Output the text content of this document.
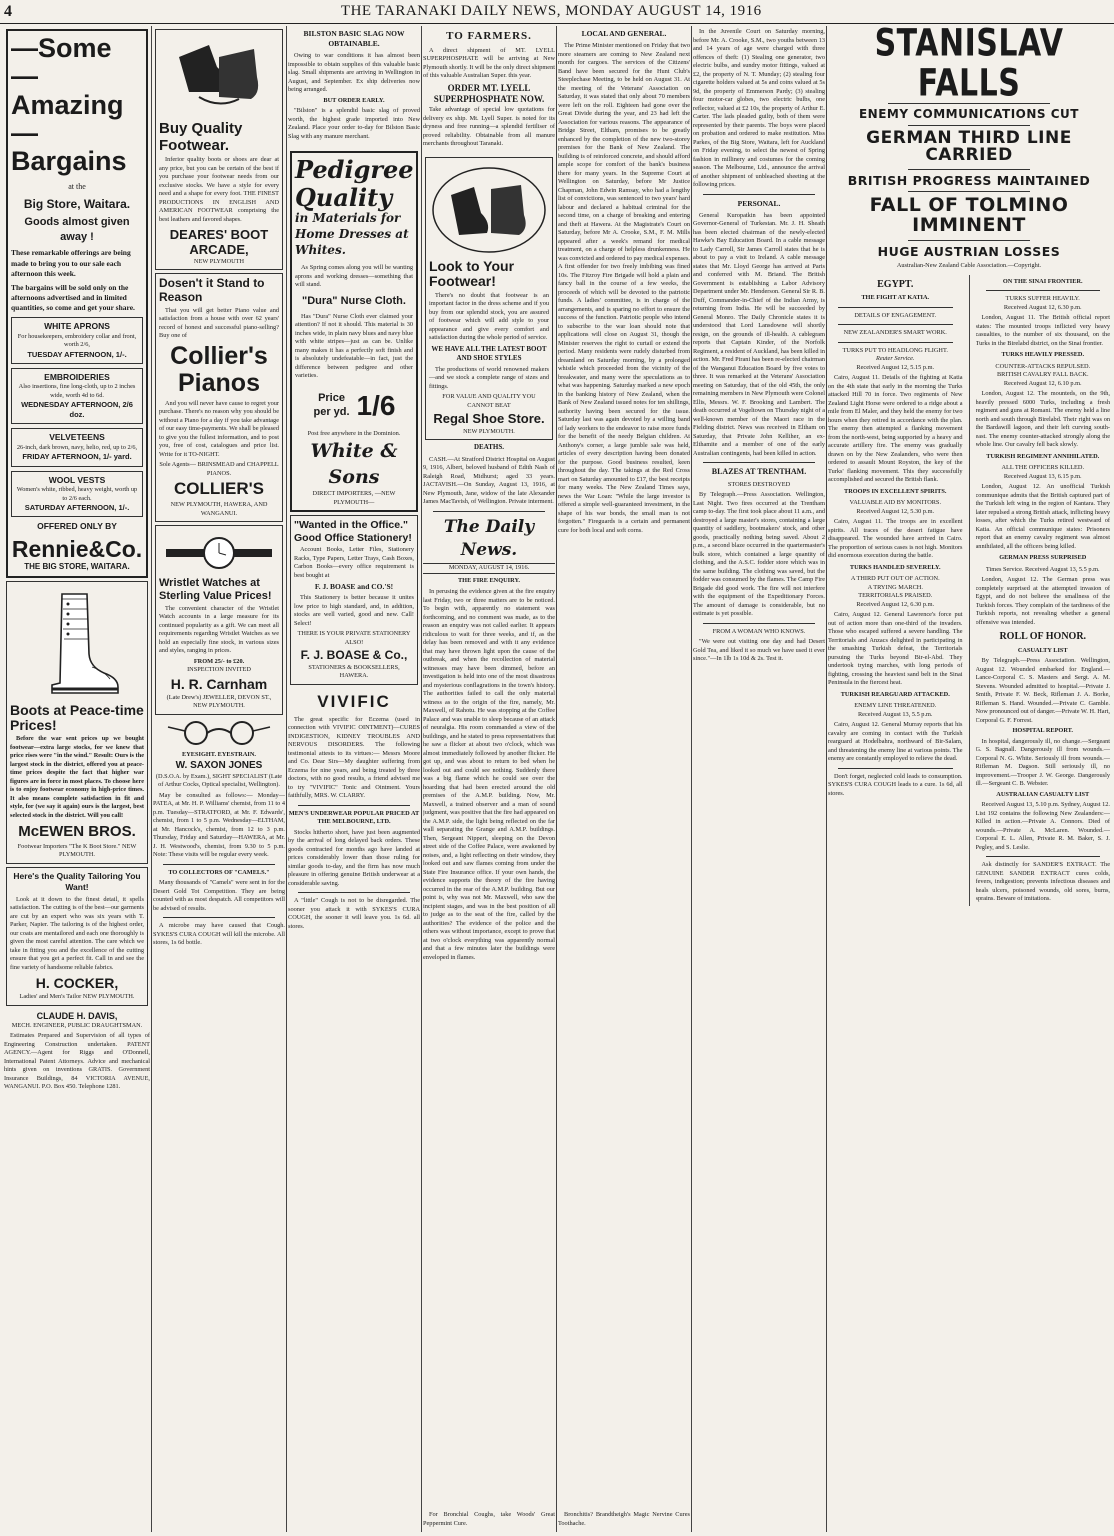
4	THE TARANAKI DAILY NEWS, MONDAY AUGUST 14, 1916
—Some
—Amazing
—Bargains
at the
Big Store, Waitara.
Goods almost given away !
These remarkable offerings are being made to bring you to our sale each afternoon this week.
The bargains will be sold only on the afternoons advertised and in limited quantities, so come and get your share.
WHITE APRONS
For housekeepers, embroidery collar and front, worth 2/6,
TUESDAY AFTERNOON, 1/-.
EMBROIDERIES
Also insertions, fine long-cloth, up to 2 inches wide, worth 4d to 6d.
WEDNESDAY AFTERNOON, 2/6 doz.
VELVETEENS
26-inch, dark brown, navy, helio, red, up to 2/6,
FRIDAY AFTERNOON, 1/- yard.
WOOL VESTS
Women's white, ribbed, heavy weight, worth up to 2/6 each.
SATURDAY AFTERNOON, 1/-.
OFFERED ONLY BY
Rennie&Co.
THE BIG STORE, WAITARA.
Boots at Peace-time Prices!
Before the war sent prices up we bought footwear—extra large stocks, for we knew that price rises were "in the wind." Result: Ours is the largest stock in the district, offered you at peace-time prices despite the fact that higher war figures are in force in most places. To choose here is to enjoy footwear economy in high-price times. It also means complete satisfaction in fit and style, for (we say it again) ours is the largest, best selected stock in the district. Will you call!
McEWEN BROS.
Footwear Importers "The K Boot Store." NEW PLYMOUTH.
Here's the Quality Tailoring You Want!
Look at it down to the finest detail, it spells satisfaction. The cutting is of the best—our garments are cut by an expert who was six years with T. Parker, Napier. The tailoring is of the highest order, our coats are mentailored and each one thoroughly is given the most careful attention. The care which we take in fitting you and the excellence of the cutting ensure that you get a perfect fit. Call in and see the fine variety of handsome reliable fabrics.
H. COCKER,
Ladies' and Men's Tailor NEW PLYMOUTH.
CLAUDE H. DAVIS,
MECH. ENGINEER, PUBLIC DRAUGHTSMAN.
Estimates Prepared and Supervision of all types of Engineering Construction undertaken. PATENT AGENCY.—Agent for Riggs and O'Donnell, International Patent Attorneys. Advice and mechanical hints given on inventions GRATIS. Government Insurance Buildings, 84 VICTORIA AVENUE, WANGANUI. P.O. Box 450. Telephone 1281.
Buy Quality Footwear.
Inferior quality boots or shoes are dear at any price, but you can be certain of the best if you purchase your footwear needs from our exclusive stocks. We have a style for every need and a shape for every foot. THE FINEST PRODUCTIONS IN ENGLISH AND AMERICAN FOOTWEAR comprising the best leathers and favored shapes.
DEARES' BOOT ARCADE,
NEW PLYMOUTH
Dosen't it Stand to Reason
That you will get better Piano value and satisfaction from a house with over 62 years' record of honest and successful piano-selling? Buy one of
Collier's Pianos
And you will never have cause to regret your purchase. There's no reason why you should be without a Piano for a day if you take advantage of our easy time-payments. We shall be pleased to give you the fullest information, and to post you, free of cost, catalogues and price list. Write for it TO-NIGHT.
Sole Agents— BRINSMEAD and CHAPPELL PIANOS.
COLLIER'S
NEW PLYMOUTH, HAWERA, AND WANGANUI.
Wristlet Watches at Sterling Value Prices!
The convenient character of the Wristlet Watch accounts in a large measure for its continued popularity as a gift. We can meet all requirements regarding Wristlet Watches as we hold an especially fine stock, in various sizes and styles, ranging in prices.
FROM 25/- to £20.
INSPECTION INVITED
H. R. Carnham
(Late Drew's) JEWELLER, DEVON ST., NEW PLYMOUTH.
EYESIGHT. EYESTRAIN.
W. SAXON JONES
(D.S.O.A. by Exam.), SIGHT SPECIALIST (Late of Arthur Cocks, Optical specialist, Wellington).
May be consulted as follows:— Monday—PATEA, at Mr. H. P. Williams' chemist, from 11 to 4 p.m. Tuesday—STRATFORD, at Mr. F. Edwards', chemist, from 1 to 5 p.m. Wednesday—ELTHAM, at Mr. Hancock's, chemist, from 12 to 3 p.m. Thursday, Friday and Saturday—HAWERA, at Mr. J. H. Westwood's, chemist, from 9.30 to 5 p.m. Note: These visits will be regular every week.
TO COLLECTORS OF "CAMELS."
Many thousands of "Camels" were sent in for the Desert Gold Tot Competition. They are being counted with as most despatch. All competitors will be advised of results.
A microbe may have caused that Cough. SYKES'S CURA COUGH will kill the microbe. All stores, 1s 6d bottle.
BILSTON BASIC SLAG NOW OBTAINABLE.
Owing to war conditions it has almost been impossible to obtain supplies of this valuable basic slag. Small shipments are arriving in Wellington in August, and September. Ex ship deliveries now being arranged.
BUT ORDER EARLY.
"Bilston" is a splendid basic slag of proved worth, the highest grade imported into New Zealand. Place your order to-day for Bilston Basic Slag with any manure merchant.
Pedigree
Quality
in Materials for Home Dresses at Whites.
As Spring comes along you will be wanting aprons and working dresses—something that will stand.
"Dura" Nurse Cloth.
Has "Dura" Nurse Cloth ever claimed your attention? If not it should. This material is 30 inches wide, in plain navy blues and navy blue with white stripes—just as can be. Unlike many makes it has a perfectly soft finish and is absolutely undefeatable—in fact, just the difference between pedigree and other varieties.
Price per yd. 1/6
Post free anywhere in the Dominion.
White & Sons
DIRECT IMPORTERS, —NEW PLYMOUTH—
"Wanted in the Office." Good Office Stationery!
Account Books, Letter Files, Stationery Racks, Type Papers, Letter Trays, Cash Boxes, Carbon Books—every office requirement is best bought at
F. J. BOASE and CO.'S!
This Stationery is better because it unites low price to high standard, and, in addition, stocks are well varied, good and new. Call! Select!
THERE IS YOUR PRIVATE STATIONERY ALSO!
F. J. BOASE & Co.,
STATIONERS & BOOKSELLERS, HAWERA.
VIVIFIC
The great specific for Eczema (used in connection with VIVIFIC OINTMENT)—CURES INDIGESTION, KIDNEY TROUBLES AND NERVOUS DISORDERS. The following testimonial attests to its virtues:— Messrs Moore and Co. Dear Sirs—My daughter suffering from Eczema for nine years, and being treated by three doctors, with no good results, a friend advised me to try "VIVIFIC" Tonic and Ointment. Yours faithfully, MRS. W. CLARRY.
MEN'S UNDERWEAR POPULAR PRICED AT THE MELBOURNE, LTD.
Stocks hitherto short, have just been augmented by the arrival of long delayed back orders. These goods contracted for months ago have landed at prices considerably lower than those ruling for similar goods to-day, and the firm has now much pleasure in offering genuine British underwear at a considerable saving.
A "little" Cough is not to be disregarded. The sooner you attack it with SYKES'S CURA COUGH, the sooner it will leave you. 1s 6d. all stores.
TO FARMERS.
A direct shipment of MT. LYELL SUPERPHOSPHATE will be arriving at New Plymouth shortly. It will be the only direct shipment of this valuable Australian Super. this year.
ORDER MT. LYELL SUPERPHOSPHATE NOW.
Take advantage of special low quotations for delivery ex ship. Mt. Lyell Super. is noted for its dryness and free running—a splendid fertiliser of proved reliability. Obtainable from all manure merchants throughout Taranaki.
Look to Your Footwear!
There's no doubt that footwear is an important factor in the dress scheme and if you buy from our splendid stock, you are assured of footwear which will add style to your appearance and give every comfort and satisfaction during the whole period of service.
WE HAVE ALL THE LATEST BOOT AND SHOE STYLES
The productions of world renowned makers—and we stock a complete range of sizes and fittings.
FOR VALUE AND QUALITY YOU CANNOT BEAT
Regal Shoe Store.
NEW PLYMOUTH.
DEATHS.
CASH.—At Stratford District Hospital on August 9, 1916, Albert, beloved husband of Edith Nash of Raleigh Road, Midhurst; aged 33 years. JACTAVISH.—On Sunday, August 13, 1916, at New Plymouth, Jane, widow of the late Alexander James MacTavish, of Wellington. Private interment.
The Daily News.
MONDAY, AUGUST 14, 1916.
THE FIRE ENQUIRY.
In perusing the evidence given at the fire enquiry last Friday, two or three matters are to be noticed. To begin with, apparently no statement was forthcoming, and no comment was made, as to the reason an enquiry was not called earlier. It appears ridiculous to wait for three weeks, and if, as the delay has been removed and with it any evidence that may have thrown light upon the cause of the outbreak, and when the recollection of material witnesses may have been dimmed, before an investigation is held into one of the most disastrous and mysterious conflagrations in the town's history. The authorities failed to call the only material witness as to the origin of the fire, namely, Mr. Maxwell, of Rahotu. He was stopping at the Coffee Palace and was unable to sleep because of an attack of neuralgia. His room commanded a view of the buildings, and he stated to press representatives that he saw a flicker at about two o'clock, which was almost immediately followed by another flicker. He got up, and was about to return to bed when he looked out and could see nothing. Suddenly there was a big flame which he could see over the hoarding that had been erected around the old premises of the A.M.P. building. Now, Mr. Maxwell, a trained observer and a man of sound judgment, was positive that the fire had appeared on the A.M.P. side, the light being reflected on the far wall separating the Grange and A.M.P. buildings. Then, Sergeant Nippert, sleeping on the Devon street side of the Coffee Palace, were awakened by noises, and, a light reflecting on their window, they looked out and saw flames coming from under the State Fire Insurance office. If your own hands, the evidence supports the theory of the fire having occurred in the rear of the A.M.P. building. But our point is, why was not Mr. Maxwell, who saw the incipient stages, and was in the best position of all to judge as to the seat of the fire, called by the authorities? The evidence of the police and the others was without importance, except to prove that at two o'clock everything was apparently normal and that a few minutes later the buildings were enveloped in flames.
For Bronchial Coughs, take Woods' Great Peppermint Cure.
LOCAL AND GENERAL.
The Prime Minister mentioned on Friday that two more steamers are coming to New Zealand next month for cargoes. The services of the Citizens' Band have been secured for the Hunt Club's Steeplechase Meeting, to be held on August 31. At the meeting of the Veterans' Association on Saturday, it was stated that only about 70 members were left on the roll. Eighteen had gone over the Great Divide during the year, and 23 had left the Association for various reasons. The appearance of Bridge Street, Eltham, promises to be greatly enhanced by the completion of the new two-storey premises for the Bank of New Zealand. The building is of reinforced concrete, and should afford ample scope for comfort of the bank's business there for many years. In the Supreme Court at Wellington on Saturday, before Mr Justice Chapman, John Edwin Ramsay, who had a lengthy list of convictions, was sentenced to two years' hard labour and declared a habitual criminal for the second time, on a charge of breaking and entering and theft at Hawera. At the Magistrate's Court on Saturday, before Mr A. Crooke, S.M., F. M. Mills appeared after a week's remand for medical treatment, on a charge of helpless drunkenness. He was convicted and ordered to pay medical expenses. A first offender for two freely imbibing was fined 10s. The Fitzroy Fire Brigade will hold a plain and fancy ball in the course of a few weeks, the proceeds of which will be devoted to the patriotic funds. A ladies' committee, is in charge of the arrangements, and is sparing no effort to ensure the success of the function. Patriotic people who intend to subscribe to the war loan should note that applications will close on August 31, though the Minister reserves the right to curtail or extend the period. Many residents were rudely disturbed from dreamland on Saturday morning, by a prolonged whistle which proceeded from the vicinity of the breakwater, and many were the speculations as to what was happening. Saturday marked a new epoch in the banking history of New Zealand, when the Bank of New Zealand issued notes for ten shillings, authority having been secured for the issue. Saturday last was again devoted by a willing band of lady workers to the endeavor to raise more funds for the benefit of the needy Belgian children. At Anthony's corner, a large jumble sale was held, articles of every description having been donated for the purpose. Good business resulted, keen throughout the day. The takings at the Red Cross mart on Saturday amounted to £17, the best receipts for many weeks. The New Zealand Times says, news the War Loan: "While the large investor is offered a simple well-guaranteed investment, in the shape of his war bonds, the small man is not forgotten." Fireguards is a certain and permanent cure for both local and soft corns.
Bronchitis? Brandtheigh's Magic Nervine Cures Toothache.
In the Juvenile Court on Saturday morning, before Mr. A. Crooke, S.M., two youths between 13 and 14 years of age were charged with three offences of theft: (1) Stealing one generator, two electric bulbs, and sundry motor fittings, valued at £2, the property of N. T. Munday; (2) stealing four cigarette holders valued at 5s and coins valued at 5s 9d, the property of Emmerson Pardy; (3) stealing four motor-car globes, two electric bulbs, one reflector, valued at £2 10s, the property of Arthur E. Carter. The lads pleaded guilty, both of them were represented by their parents. The boys were placed on probation and ordered to make restitution. Miss Parkes, of the Big Store, Waitara, left for Auckland on Friday evening, to select the newest of Spring fashion in millinery and costumes for the coming season. The Melbourne, Ltd., announce the arrival of another shipment of unbleached sheeting at the following prices.
PERSONAL.
General Kuropatkin has been appointed Governor-General of Turkestan. Mr. J. H. Sheath has been elected chairman of the newly-elected Hawke's Bay Education Board. In a cable message to Lady Carroll, Sir James Carroll states that he is about to pay a visit to Ireland. A cable message states that Mr. Lloyd George has arrived at Paris and conferred with M. Briand. The British Government is establishing a Labor Advisory Department under Mr. Henderson. General Sir R. B. Duff, Commander-in-Chief of the Indian Army, is returning from India. He will be succeeded by General Monro. The Daily Chronicle states it is understood that Lord Lansdowne will shortly resign, on the grounds of ill-health. A cablegram reports that Captain Kinder, of the Norfolk Regiment, a resident of Auckland, has been killed in action. Mr. Fred Pirani has been re-elected chairman of the Wanganui Education Board by five votes to three. It was remarked at the Veterans' Association meeting on Saturday, that of the old 45th, the only remaining members in New Plymouth were Colonel Ellis, Messrs. W. F. Brooking and Lambert. The death occurred at Vogeltown on Thursday night of a well-known member of the Maori race in the Fielding district. News was received in Eltham on Saturday, that Private John Kelliher, an ex-Elthamite and a member of one of the early Australian contingents, had been killed in action.
BLAZES AT TRENTHAM.
STORES DESTROYED
By Telegraph.—Press Association. Wellington, Last Night. Two fires occurred at the Trentham camp to-day. The first took place about 11 a.m., and destroyed a large master's stores, containing a large quantity of saddlery, bootmakers' stock, and other goods, practically nothing being saved. About 2 p.m., a second blaze occurred in the quartermaster's bulk store, which contained a large quantity of clothing, and the A.S.C. fodder store which was in the same building. The clothing was saved, but the fodder was consumed by the flames. The Camp Fire Brigade did good work. The fire will not interfere with the equipment of the Expeditionary Forces. The amount of damage is considerable, but no estimate is yet possible.
FROM A WOMAN WHO KNOWS.
"We were out visiting one day and had Desert Gold Tea, and liked it so much we have used it ever since."—In 1lb 1s 10d & 2s. Test it.
STANISLAV FALLS
ENEMY COMMUNICATIONS CUT
GERMAN THIRD LINE CARRIED
BRITISH PROGRESS MAINTAINED
FALL OF TOLMINO IMMINENT
HUGE AUSTRIAN LOSSES
Australian-New Zealand Cable Association.—Copyright.
EGYPT.
THE FIGHT AT KATIA.
DETAILS OF ENGAGEMENT.
NEW ZEALANDER'S SMART WORK.
TURKS PUT TO HEADLONG FLIGHT.
Reuter Service.
Received August 12, 5.15 p.m.
Cairo, August 11. Details of the fighting at Katia on the 4th state that early in the morning the Turks attacked Hill 70 in force. Two regiments of New Zealand Light Horse were ordered to a ridge about a mile from El Maler, and they held the enemy for two hours when they retired in accordance with the plan. The enemy then attempted a flanking movement from the north-west, being supported by a heavy and accurate artillery fire. The enemy was gradually drawn on by the New Zealanders, who were then ordered to assault Mount Royston, the key of the Turks' flanking movement. This they successfully accomplished and secured the British flank.
TROOPS IN EXCELLENT SPIRITS.
VALUABLE AID BY MONITORS.
Received August 12, 5.30 p.m.
Cairo, August 11. The troops are in excellent spirits. All traces of the desert fatigue have disappeared. The wounded have arrived in Cairo. The proportion of serious cases is not high. Monitors did enormous execution during the battle.
TURKS HANDLED SEVERELY.
A THIRD PUT OUT OF ACTION.
A TRYING MARCH.
TERRITORIALS PRAISED.
Received August 12, 6.30 p.m.
Cairo, August 12. General Lawrence's force put out of action more than one-third of the invaders. Those who escaped suffered a severe handling. The Territorials and Anzacs delighted in participating in the smashing Turkish defeat, the Territorials pursuing the Turks beyond Bir-el-Abd. They undertook trying marches, with long periods of fighting, crossing the heaviest sand belt in the Sinai Peninsula in the fiercest heat.
TURKISH REARGUARD ATTACKED.
ENEMY LINE THREATENED.
Received August 13, 5.5 p.m.
Cairo, August 12. General Murray reports that his cavalry are coming in contact with the Turkish rearguard at Hodelbahra, northward of Bir-Salam, and threatening the enemy line at various points. The enemy are constantly employed to relieve the dead.
Don't forget, neglected cold leads to consumption. SYKES'S CURA COUGH leads to a cure. 1s 6d, all stores.
ON THE SINAI FRONTIER.
TURKS SUFFER HEAVILY.
Received August 12, 6.30 p.m.
London, August 11. The British official report states: The mounted troops inflicted very heavy casualties, to the number of six thousand, on the Turks in the Birelabd district, on the Sinai frontier.
TURKS HEAVILY PRESSED.
COUNTER-ATTACKS REPULSED.
BRITISH CAVALRY FALL BACK.
Received August 12, 6.10 p.m.
London, August 12. The mounteds, on the 9th, heavily pressed 6000 Turks, including a fresh regiment and guns at Romani. The enemy held a line north and south through Birelabd. Their right was on the Bardawill lagoon, and their left curving south-east. The enemy counter-attacked strongly along the whole line. Our cavalry fell back slowly.
TURKISH REGIMENT ANNIHILATED.
ALL THE OFFICERS KILLED.
Received August 13, 6.15 p.m.
London, August 12. An unofficial Turkish communique admits that the British captured part of the Turkish left wing in the region of Kantara. They later repulsed a strong British attack, inflicting heavy losses, after which the Turks retired westward of Katia. An official communique states: Prisoners report that an enemy cavalry regiment was almost annihilated, all the officers being killed.
GERMAN PRESS SURPRISED
Times Service. Received August 13, 5.5 p.m.
London, August 12. The German press was completely surprised at the attempted invasion of Egypt, and do not believe the smallness of the Turkish forces. They complain of the tardiness of the Turkish reports, not revealing whether a general offensive was intended.
ROLL OF HONOR.
CASUALTY LIST
By Telegraph.—Press Association. Wellington, August 12. Wounded embarked for England.—Lance-Corporal C. S. Masters and Sergt. A. M. Stevens. Wounded admitted to hospital.—Private J. Smith, Private F. W. Beck, Rifleman J. A. Borke, Rifleman S. Hand. Wounded.—Private C. Gamble. Now pronounced out of danger.—Private W. H. Hart, Corporal G. F. Forrest.
HOSPITAL REPORT.
In hospital, dangerously ill, no change.—Sergeant G. S. Bagnall. Dangerously ill from wounds.—Corporal N. G. White. Seriously ill from wounds.—Rifleman M. Dagson. Still seriously ill, no improvement.—Trooper J. W. George. Dangerously ill.—Sergeant C. B. Webster.
AUSTRALIAN CASUALTY LIST
Received August 13, 5.10 p.m. Sydney, August 12. List 192 contains the following New Zealanders:— Killed in action.—Private A. Connors. Died of wounds.—Private A. McLaren. Wounded.—Corporal E. L. Allen, Private R. M. Baker, S. J. Pegley, and S. Leslie.
Ask distinctly for SANDER'S EXTRACT. The GENUINE SANDER EXTRACT cures colds, fevers, indigestion; prevents infectious diseases and heals ulcers, poisoned wounds, old sores, burns, sprains. Beware of imitations.
